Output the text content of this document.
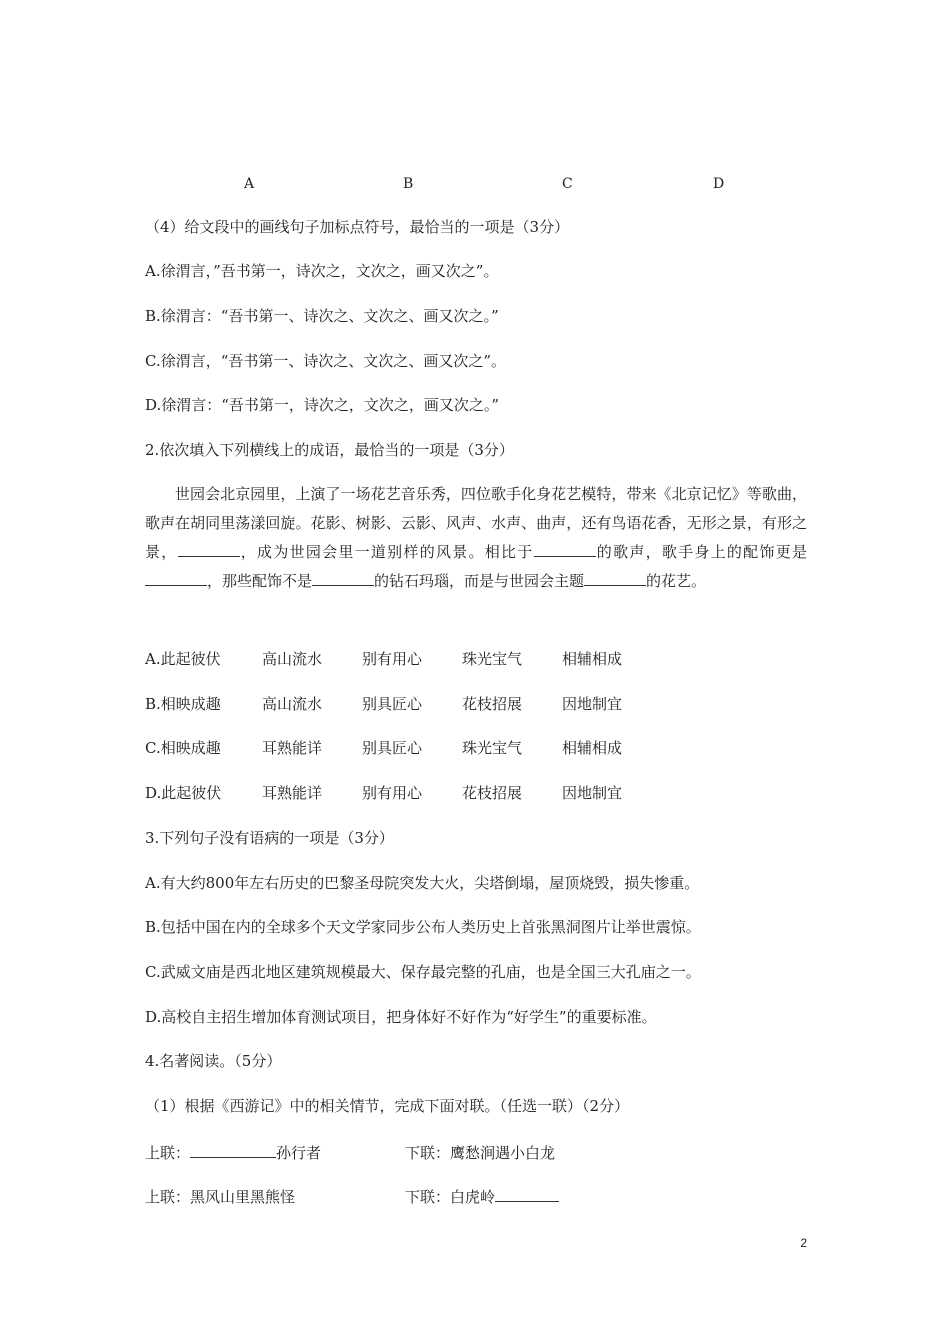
A	B	C	D
（4）给文段中的画线句子加标点符号，最恰当的一项是（3分）
A.徐渭言，”吾书第一，诗次之，文次之，画又次之”。
B.徐渭言：“吾书第一、诗次之、文次之、画又次之。”
C.徐渭言，“吾书第一、诗次之、文次之、画又次之”。
D.徐渭言：“吾书第一，诗次之，文次之，画又次之。”
2.依次填入下列横线上的成语，最恰当的一项是（3分）

世园会北京园里，上演了一场花艺音乐秀，四位歌手化身花艺模特，带来《北京记忆》等歌曲，歌声在胡同里荡漾回旋。花影、树影、云影、风声、水声、曲声，还有鸟语花香，无形之景，有形之景，	，成为世园会里一道别样的风景。相比于	的歌声，歌手身上的配饰更是，那些配饰不是	的钻石玛瑙，而是与世园会主题	的花艺。

A.此起彼伏	高山流水	别有用心	珠光宝气	相辅相成
B.相映成趣	高山流水	别具匠心	花枝招展	因地制宜
C.相映成趣	耳熟能详	别具匠心	珠光宝气	相辅相成
D.此起彼伏	耳熟能详	别有用心	花枝招展	因地制宜
3.下列句子没有语病的一项是（3分）
A.有大约800年左右历史的巴黎圣母院突发大火，尖塔倒塌，屋顶烧毁，损失惨重。
B.包括中国在内的全球多个天文学家同步公布人类历史上首张黑洞图片让举世震惊。
C.武威文庙是西北地区建筑规模最大、保存最完整的孔庙，也是全国三大孔庙之一。
D.高校自主招生增加体育测试项目，把身体好不好作为“好学生”的重要标准。
4.名著阅读。（5分）
（1）根据《西游记》中的相关情节，完成下面对联。（任选一联）（2分）
上联：	孙行者	下联：鹰愁涧遇小白龙
上联：黑风山里黑熊怪	下联：白虎岭
2
